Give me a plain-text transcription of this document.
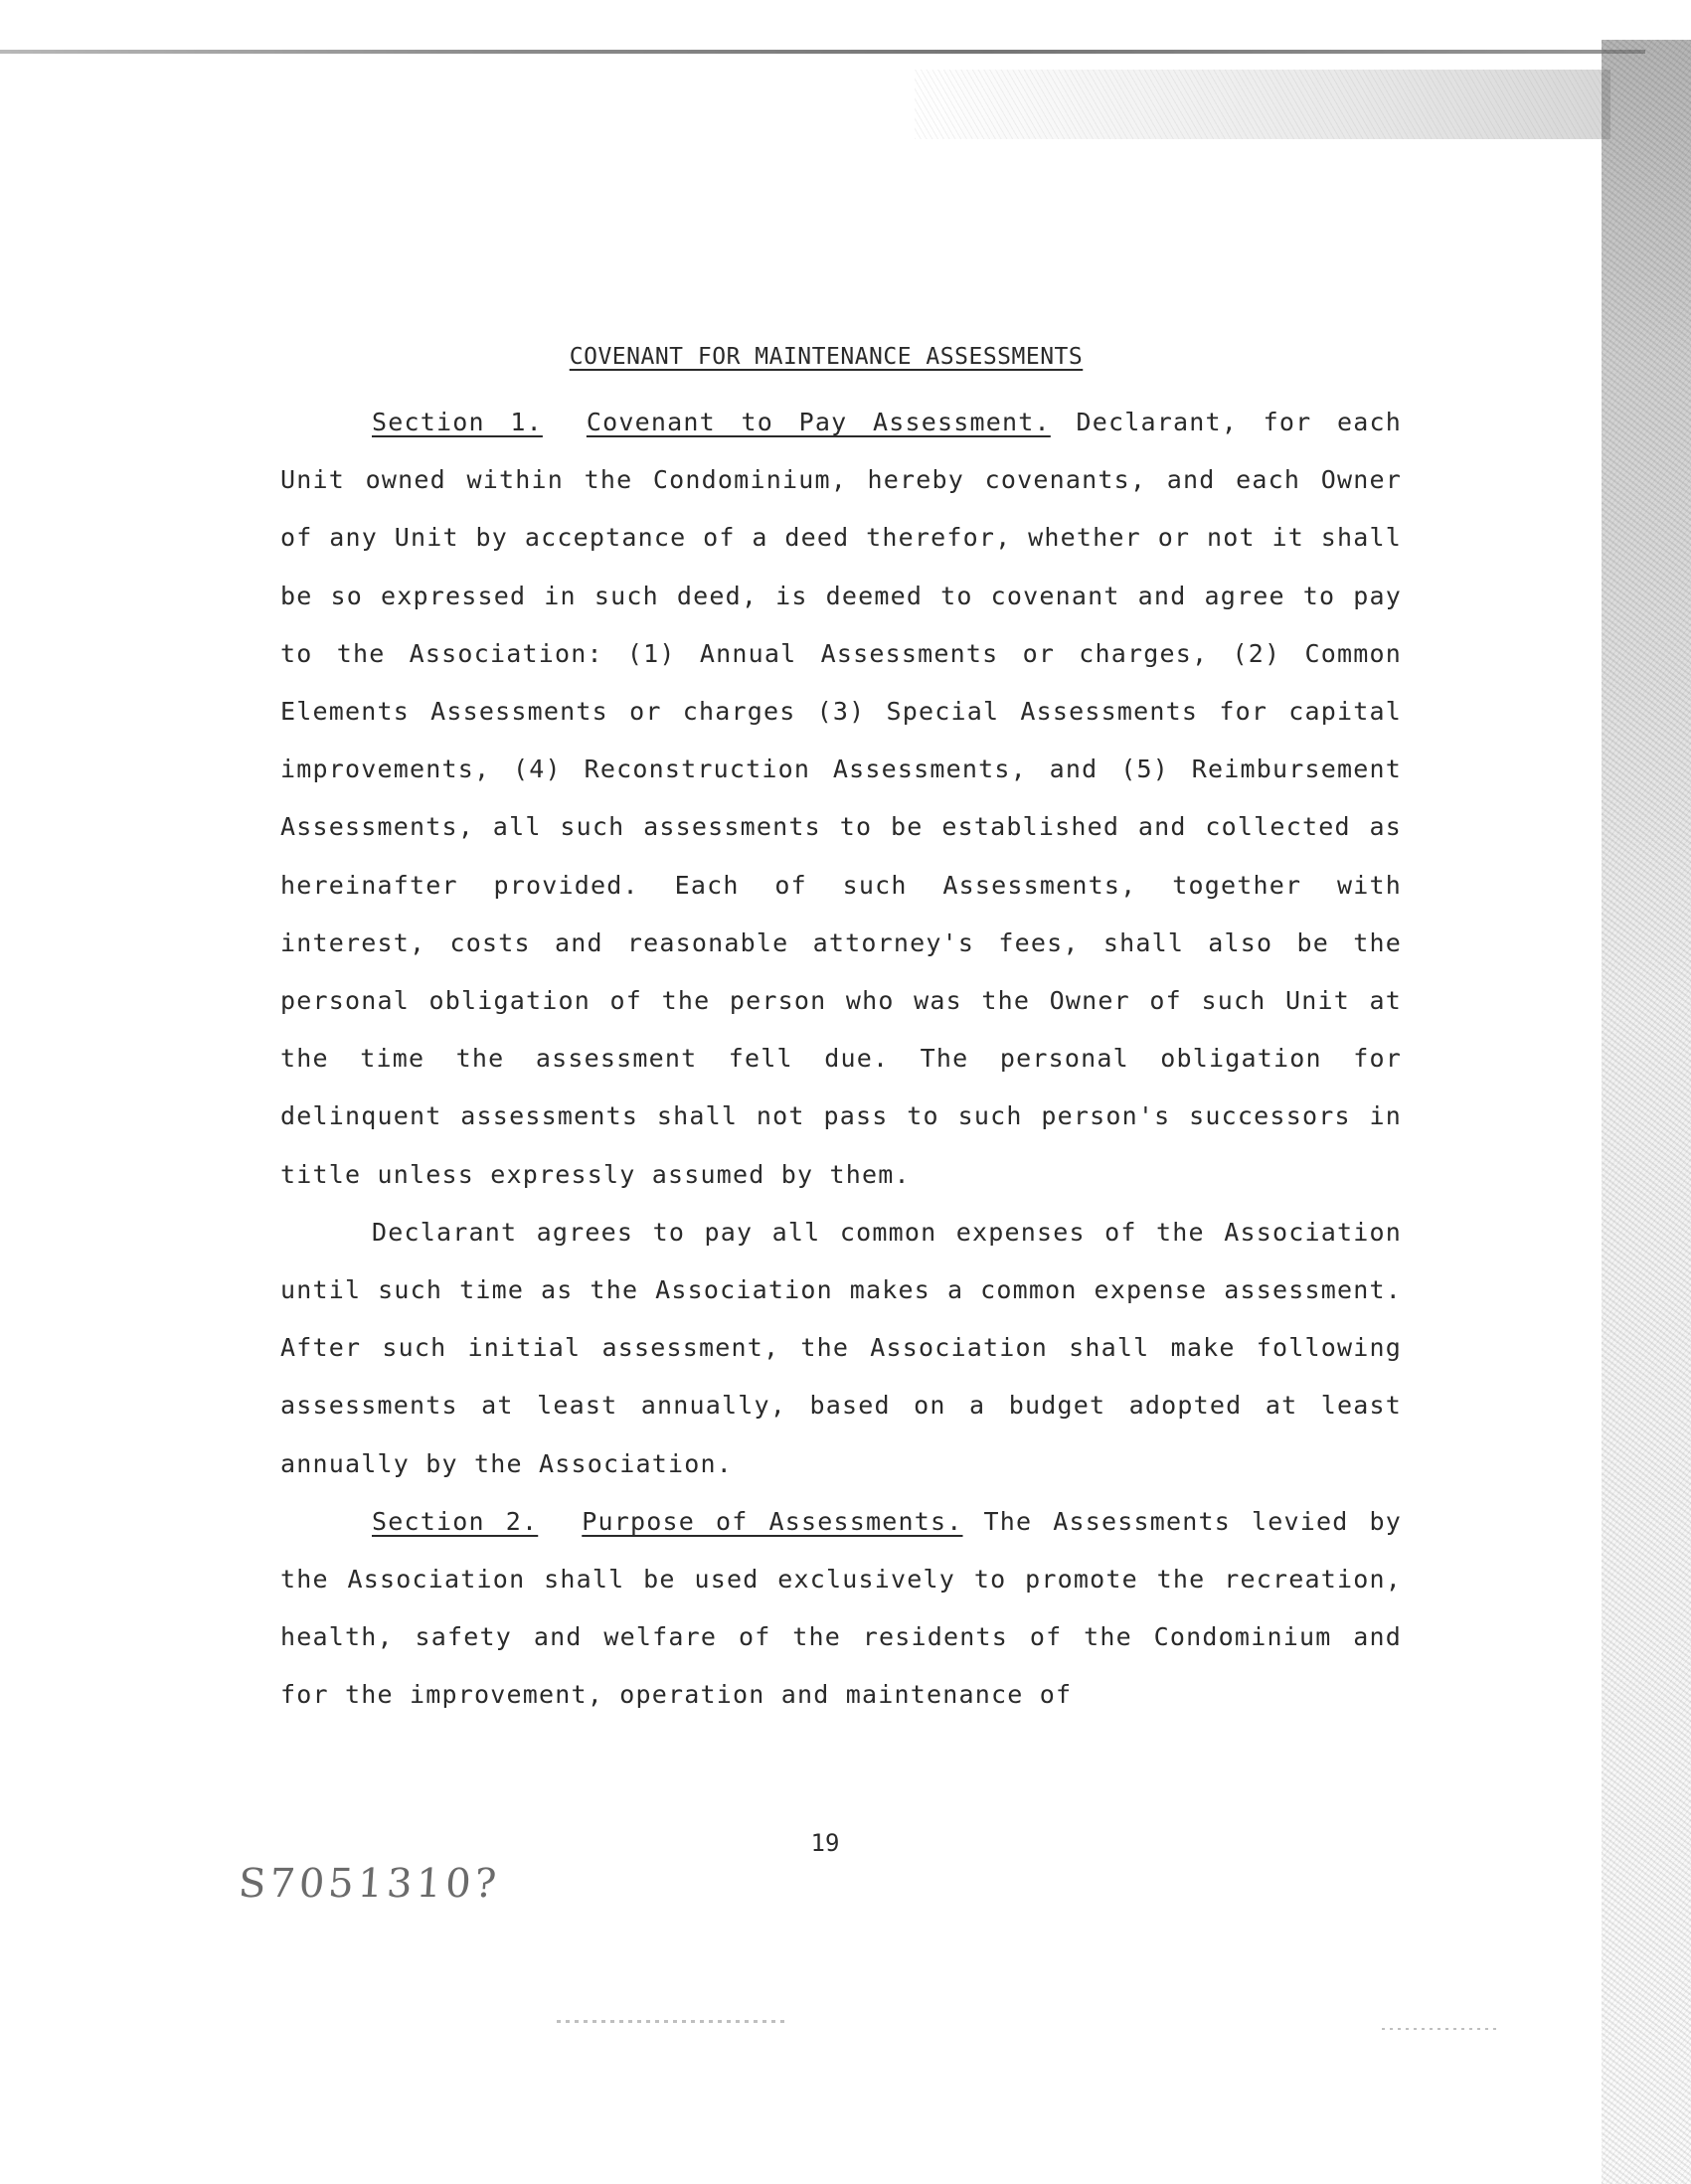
COVENANT FOR MAINTENANCE ASSESSMENTS

Section 1. Covenant to Pay Assessment. Declarant, for each Unit owned within the Condominium, hereby covenants, and each Owner of any Unit by acceptance of a deed therefor, whether or not it shall be so expressed in such deed, is deemed to covenant and agree to pay to the Association: (1) Annual Assessments or charges, (2) Common Elements Assessments or charges (3) Special Assessments for capital improvements, (4) Reconstruction Assessments, and (5) Reimbursement Assessments, all such assessments to be established and collected as hereinafter provided. Each of such Assessments, together with interest, costs and reasonable attorney's fees, shall also be the personal obligation of the person who was the Owner of such Unit at the time the assessment fell due. The personal obligation for delinquent assessments shall not pass to such person's successors in title unless expressly assumed by them.

Declarant agrees to pay all common expenses of the Association until such time as the Association makes a common expense assessment. After such initial assessment, the Association shall make following assessments at least annually, based on a budget adopted at least annually by the Association.

Section 2. Purpose of Assessments. The Assessments levied by the Association shall be used exclusively to promote the recreation, health, safety and welfare of the residents of the Condominium and for the improvement, operation and maintenance of

19
S7051310?
